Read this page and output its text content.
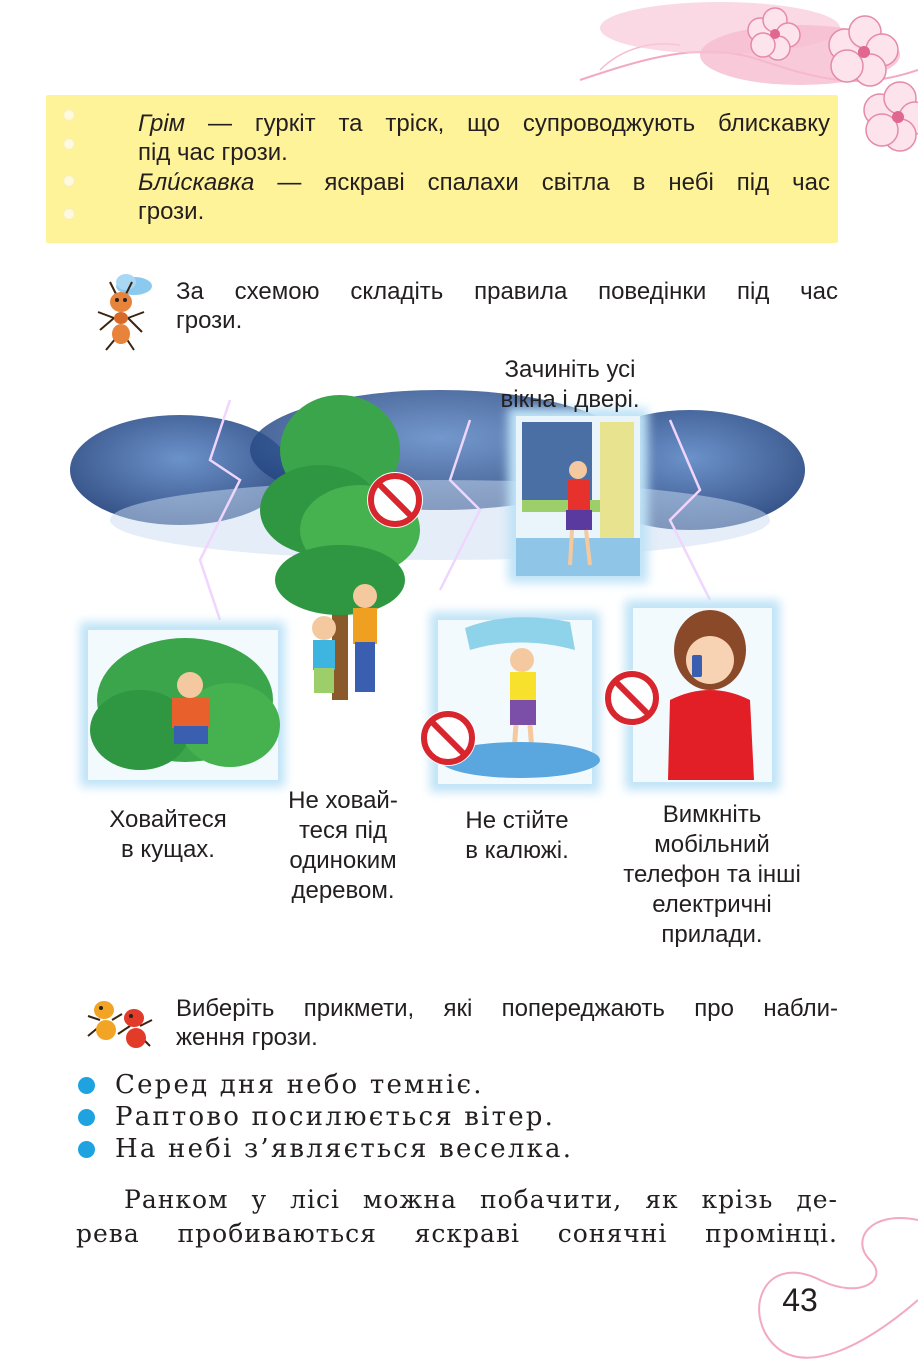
Грім — гуркіт та тріск, що супроводжують блискавку
під час грози.
Бли́скавка — яскраві спалахи світла в небі під час
грози.
За схемою складіть правила поведінки під час
грози.
Зачиніть усі
вікна і двері.
Ховайтеся
в кущах.
Не ховай-
теся під
одиноким
деревом.
Не стійте
в калюжі.
Вимкніть
мобільний
телефон та інші
електричні
прилади.
Виберіть прикмети, які попереджають про набли-
ження грози.
Серед дня небо темніє.
Раптово посилюється вітер.
На небі з’являється веселка.
Ранком у лісі можна побачити, як крізь де-
рева пробиваються яскраві сонячні промінці.
43
